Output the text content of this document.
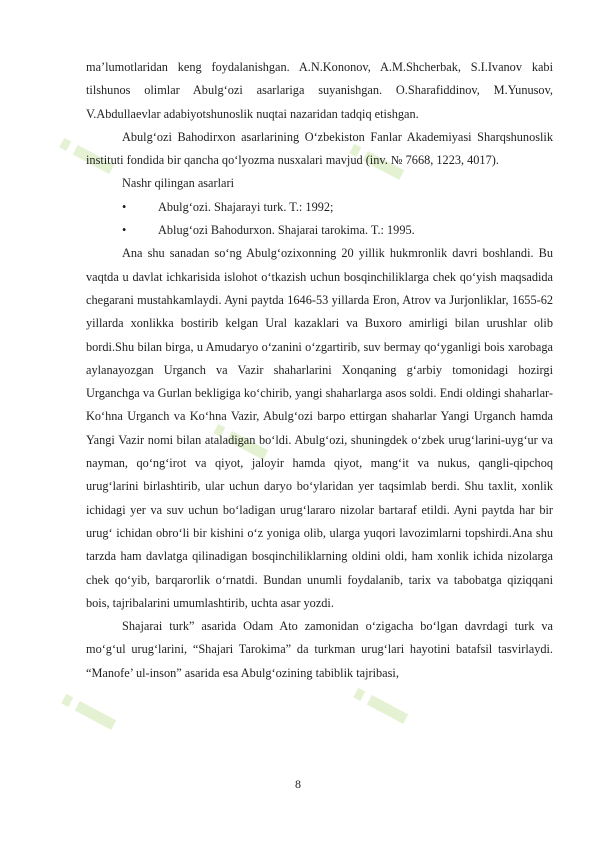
i	i
i
i	i

ma’lumotlaridan keng foydalanishgan. A.N.Kononov, A.M.Shcherbak, S.I.Ivanov kabi tilshunos olimlar Abulg‘ozi asarlariga suyanishgan. O.Sharafiddinov, M.Yunusov, V.Abdullaevlar adabiyotshunoslik nuqtai nazaridan tadqiq etishgan.

Abulg‘ozi Bahodirxon asarlarining O‘zbekiston Fanlar Akademiyasi Sharqshunoslik instituti fondida bir qancha qo‘lyozma nusxalari mavjud (inv. № 7668, 1223, 4017).

Nashr qilingan asarlari

•	Abulg‘ozi. Shajarayi turk. T.: 1992;

•	Ablug‘ozi Bahodurxon. Shajarai tarokima. T.: 1995.

Ana shu sanadan so‘ng Abulg‘ozixonning 20 yillik hukmronlik davri boshlandi. Bu vaqtda u davlat ichkarisida islohot o‘tkazish uchun bosqinchiliklarga chek qo‘yish maqsadida chegarani mustahkamlaydi. Ayni paytda 1646-53 yillarda Eron, Atrov va Jurjonliklar, 1655-62 yillarda xonlikka bostirib kelgan Ural kazaklari va Buxoro amirligi bilan urushlar olib bordi.Shu bilan birga, u Amudaryo o‘zanini o‘zgartirib, suv bermay qo‘yganligi bois xarobaga aylanayozgan Urganch va Vazir shaharlarini Xonqaning g‘arbiy tomonidagi hozirgi Urganchga va Gurlan bekligiga ko‘chirib, yangi shaharlarga asos soldi. Endi oldingi shaharlar-Ko‘hna Urganch va Ko‘hna Vazir, Abulg‘ozi barpo ettirgan shaharlar Yangi Urganch hamda Yangi Vazir nomi bilan ataladigan bo‘ldi. Abulg‘ozi, shuningdek o‘zbek urug‘larini-uyg‘ur va nayman, qo‘ng‘irot va qiyot, jaloyir hamda qiyot, mang‘it va nukus, qangli-qipchoq urug‘larini birlashtirib, ular uchun daryo bo‘ylaridan yer taqsimlab berdi. Shu taxlit, xonlik ichidagi yer va suv uchun bo‘ladigan urug‘lararo nizolar bartaraf etildi. Ayni paytda har bir urug‘ ichidan obro‘li bir kishini o‘z yoniga olib, ularga yuqori lavozimlarni topshirdi.Ana shu tarzda ham davlatga qilinadigan bosqinchiliklarning oldini oldi, ham xonlik ichida nizolarga chek qo‘yib, barqarorlik o‘rnatdi. Bundan unumli foydalanib, tarix va tabobatga qiziqqani bois, tajribalarini umumlashtirib, uchta asar yozdi.

Shajarai turk” asarida Odam Ato zamonidan o‘zigacha bo‘lgan davrdagi turk va mo‘g‘ul urug‘larini, “Shajari Tarokima” da turkman urug‘lari hayotini batafsil tasvirlaydi. “Manofe’ ul-inson” asarida esa Abulg‘ozining tabiblik tajribasi,

8
